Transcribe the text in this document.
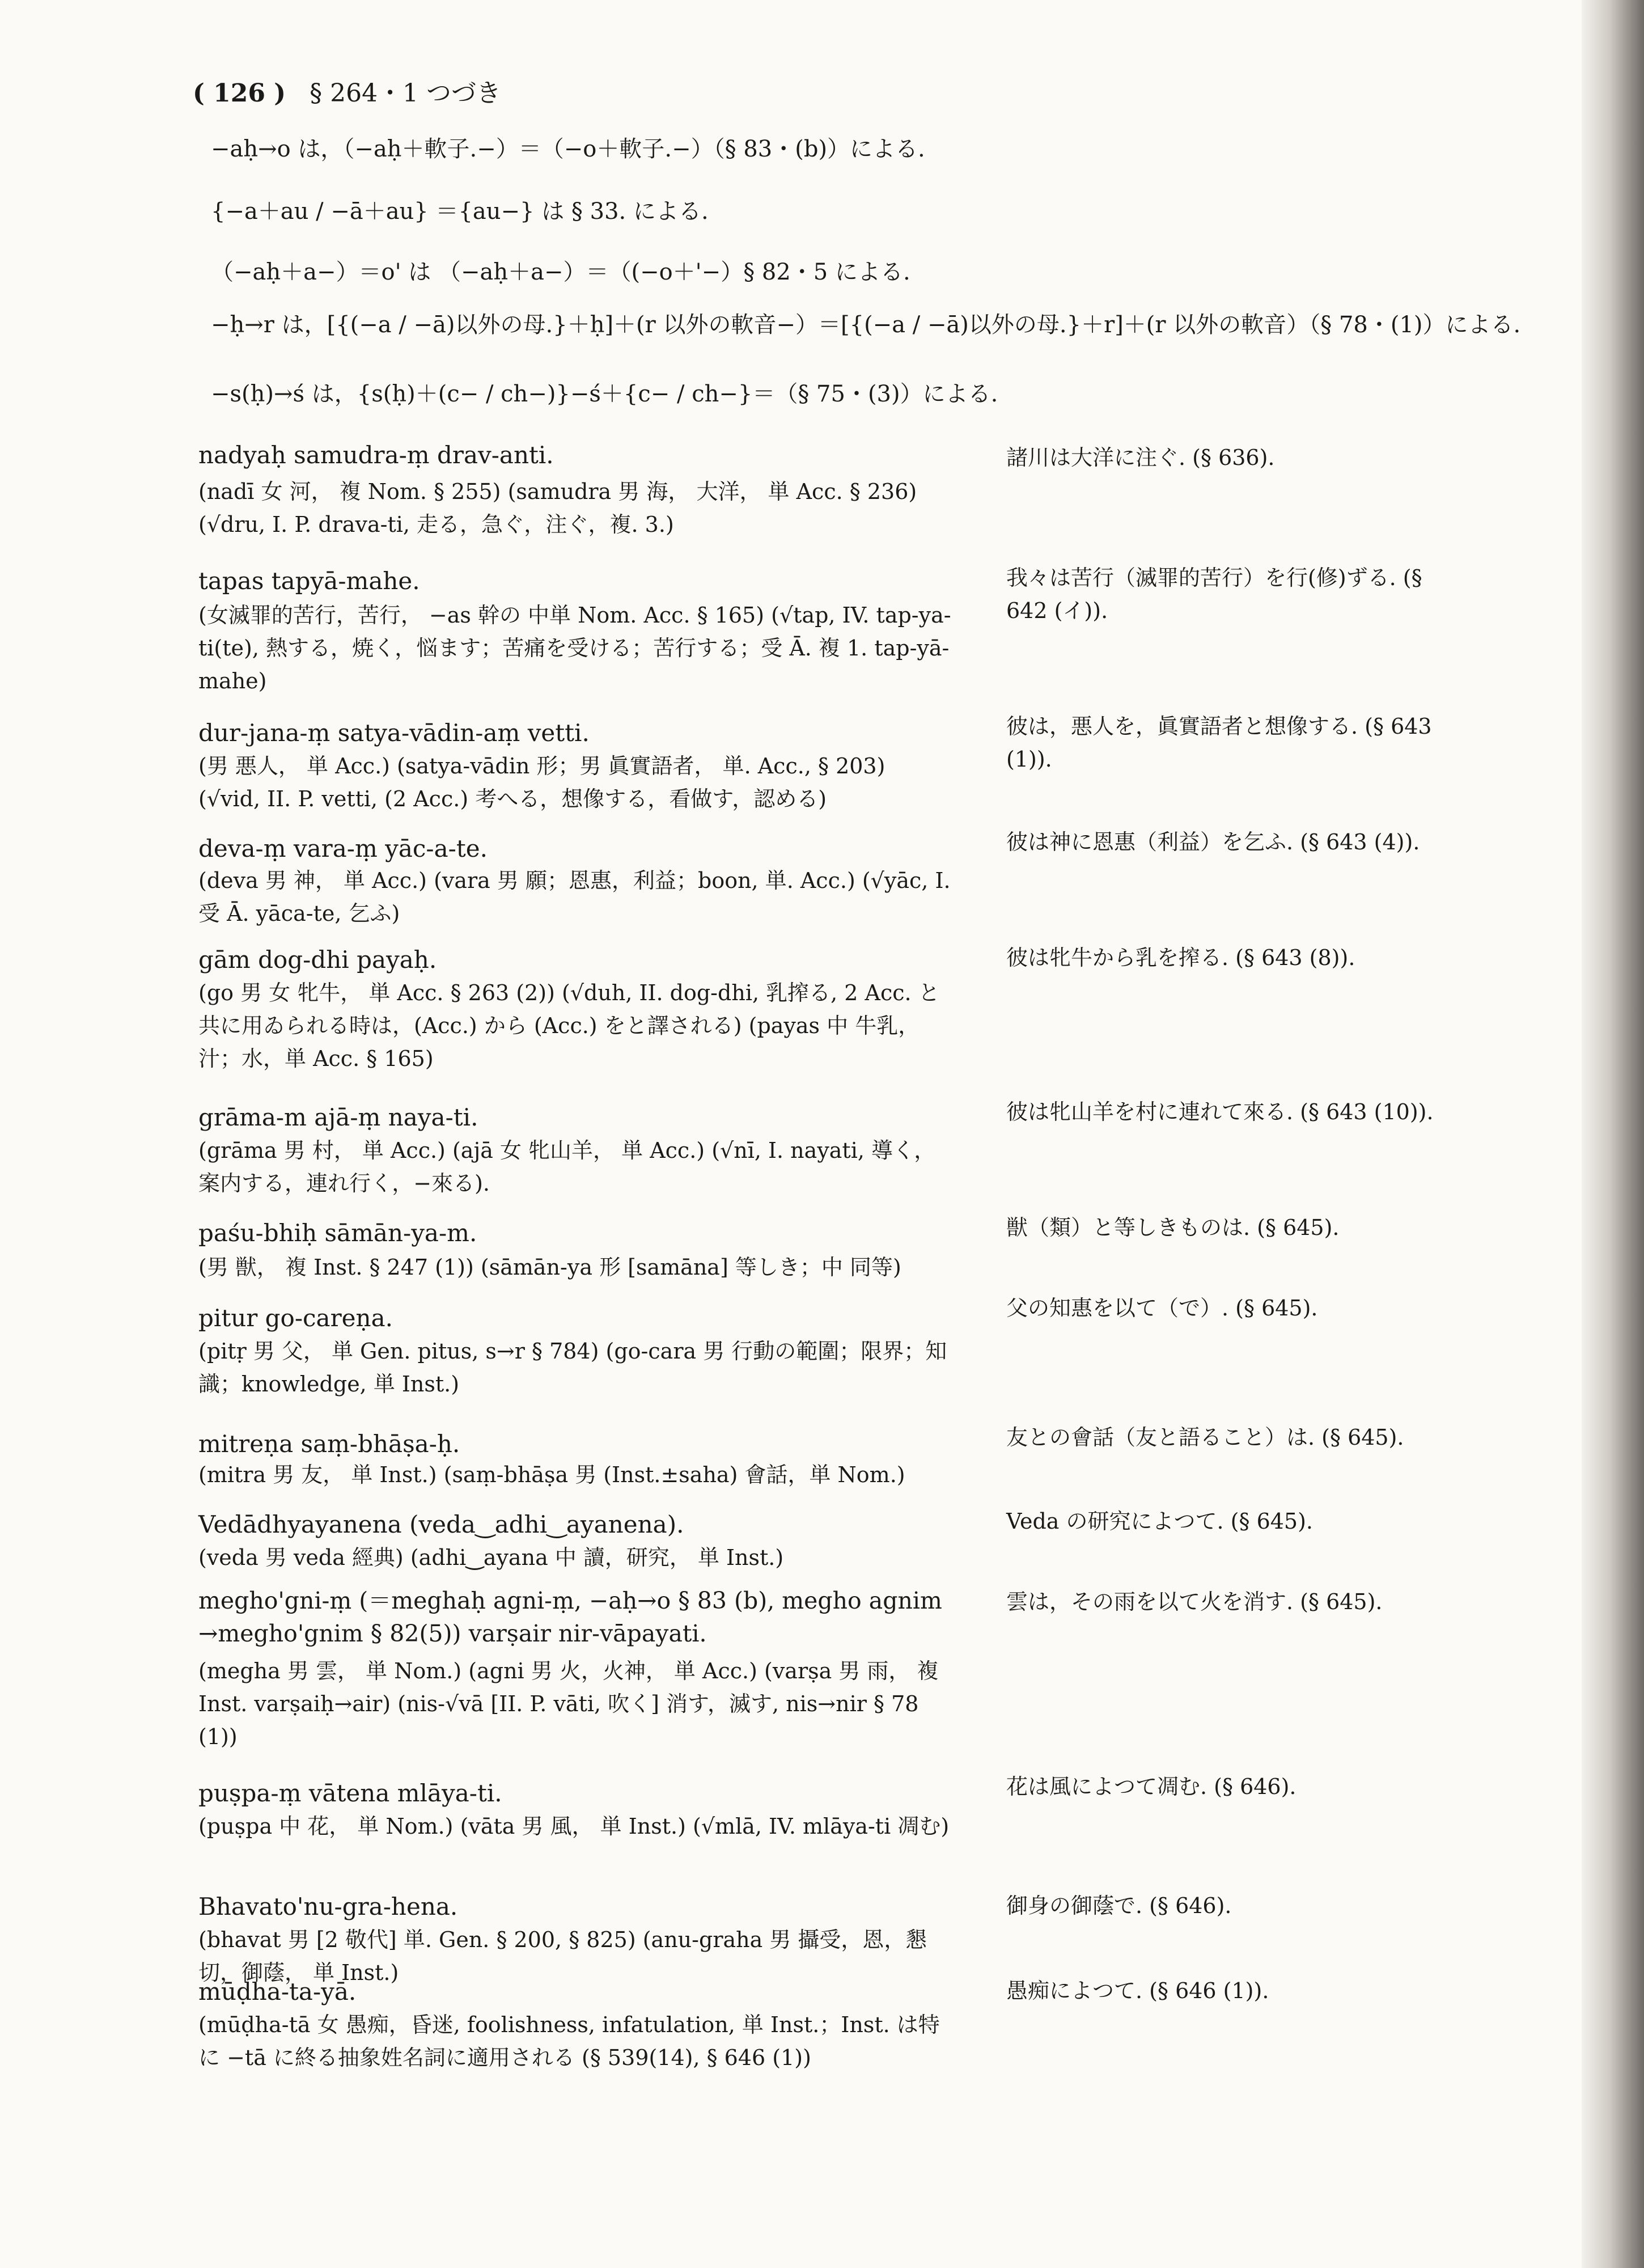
( 126 ) § 264・1 つづき
−aḥ→o は，（−aḥ＋軟子.−）＝（−o＋軟子.−）（§ 83・(b)）による.
{−a＋au / −ā＋au} ＝{au−} は § 33. による.
（−aḥ＋a−）＝o' は （−aḥ＋a−）＝（(−o＋'−）§ 82・5 による.
−ḥ→r は，[{(−a / −ā)以外の母.}＋ḥ]＋(r 以外の軟音−）＝[{(−a / −ā)以外の母.}＋r]＋(r 以外の軟音）（§ 78・(1)）による.
−s(ḥ)→ś は，{s(ḥ)＋(c− / ch−)}−ś＋{c− / ch−}＝（§ 75・(3)）による.
nadyaḥ samudra-ṃ drav-anti.
(nadī 女 河， 複 Nom. § 255) (samudra 男 海， 大洋， 単 Acc. § 236) (√dru, I. P. drava-ti, 走る，急ぐ，注ぐ，複. 3.)
諸川は大洋に注ぐ. (§ 636).
tapas tapyā-mahe.
(女滅罪的苦行，苦行， −as 幹の 中単 Nom. Acc. § 165) (√tap, IV. tap-ya-ti(te), 熱する，焼く，悩ます；苦痛を受ける；苦行する；受 Ā. 複 1. tap-yā-mahe)
我々は苦行（滅罪的苦行）を行(修)ずる. (§ 642 (イ)).
dur-jana-ṃ satya-vādin-aṃ vetti.
(男 悪人， 単 Acc.) (satya-vādin 形；男 眞實語者， 単. Acc., § 203) (√vid, II. P. vetti, (2 Acc.) 考へる，想像する，看做す，認める)
彼は，悪人を，眞實語者と想像する. (§ 643 (1)).
deva-ṃ vara-ṃ yāc-a-te.
(deva 男 神， 単 Acc.) (vara 男 願；恩惠，利益；boon, 単. Acc.) (√yāc, I. 受 Ā. yāca-te, 乞ふ)
彼は神に恩惠（利益）を乞ふ. (§ 643 (4)).
gām dog-dhi payaḥ.
(go 男 女 牝牛， 単 Acc. § 263 (2)) (√duh, II. dog-dhi, 乳搾る, 2 Acc. と共に用ゐられる時は，(Acc.) から (Acc.) をと譯される) (payas 中 牛乳，汁；水，単 Acc. § 165)
彼は牝牛から乳を搾る. (§ 643 (8)).
grāma-m ajā-ṃ naya-ti.
(grāma 男 村， 単 Acc.) (ajā 女 牝山羊， 単 Acc.) (√nī, I. nayati, 導く，案内する，連れ行く，−來る).
彼は牝山羊を村に連れて來る. (§ 643 (10)).
paśu-bhiḥ sāmān-ya-m.
(男 獣， 複 Inst. § 247 (1)) (sāmān-ya 形 [samāna] 等しき；中 同等)
獣（類）と等しきものは. (§ 645).
pitur go-careṇa.
(pitṛ 男 父， 単 Gen. pitus, s→r § 784) (go-cara 男 行動の範圍；限界；知識；knowledge, 単 Inst.)
父の知惠を以て（で）. (§ 645).
mitreṇa saṃ-bhāṣa-ḥ.
(mitra 男 友， 単 Inst.) (saṃ-bhāṣa 男 (Inst.±saha) 會話，単 Nom.)
友との會話（友と語ること）は. (§ 645).
Vedādhyayanena (veda‿adhi‿ayanena).
(veda 男 veda 經典) (adhi‿ayana 中 讀，研究， 単 Inst.)
Veda の研究によつて. (§ 645).
megho'gni-ṃ (＝meghaḥ agni-ṃ, −aḥ→o § 83 (b), megho agnim →megho'gnim § 82(5)) varṣair nir-vāpayati.
(megha 男 雲， 単 Nom.) (agni 男 火，火神， 単 Acc.) (varṣa 男 雨， 複 Inst. varṣaiḥ→air) (nis-√vā [II. P. vāti, 吹く] 消す，滅す, nis→nir § 78 (1))
雲は，その雨を以て火を消す. (§ 645).
puṣpa-ṃ vātena mlāya-ti.
(puṣpa 中 花， 単 Nom.) (vāta 男 風， 単 Inst.) (√mlā, IV. mlāya-ti 凋む)
花は風によつて凋む. (§ 646).
Bhavato'nu-gra-hena.
(bhavat 男 [2 敬代] 単. Gen. § 200, § 825) (anu-graha 男 攝受，恩，懇切，御蔭， 単 Inst.)
御身の御蔭で. (§ 646).
mūḍha-ta-yā.
(mūḍha-tā 女 愚痴，昏迷, foolishness, infatulation, 単 Inst.；Inst. は特に −tā に終る抽象姓名詞に適用される (§ 539(14), § 646 (1))
愚痴によつて. (§ 646 (1)).
